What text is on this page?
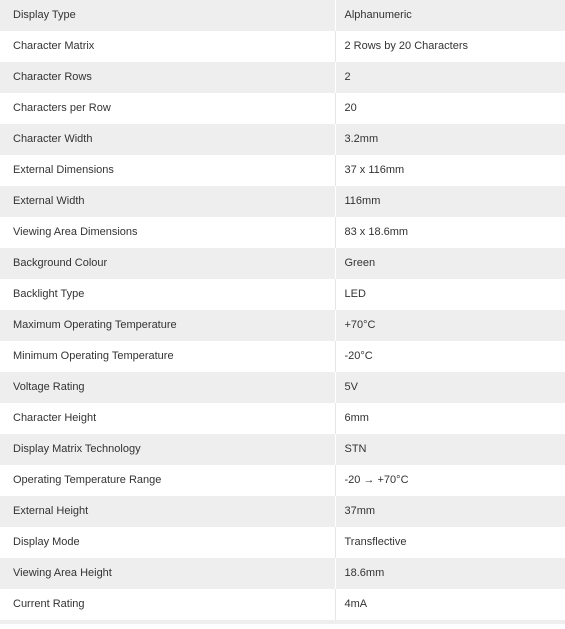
Display Type	Alphanumeric
Character Matrix	2 Rows by 20 Characters
Character Rows	2
Characters per Row	20
Character Width	3.2mm
External Dimensions	37 x 116mm
External Width	116mm
Viewing Area Dimensions	83 x 18.6mm
Background Colour	Green
Backlight Type	LED
Maximum Operating Temperature	+70°C
Minimum Operating Temperature	-20°C
Voltage Rating	5V
Character Height	6mm
Display Matrix Technology	STN
Operating Temperature Range	-20 → +70°C
External Height	37mm
Display Mode	Transflective
Viewing Area Height	18.6mm
Current Rating	4mA
